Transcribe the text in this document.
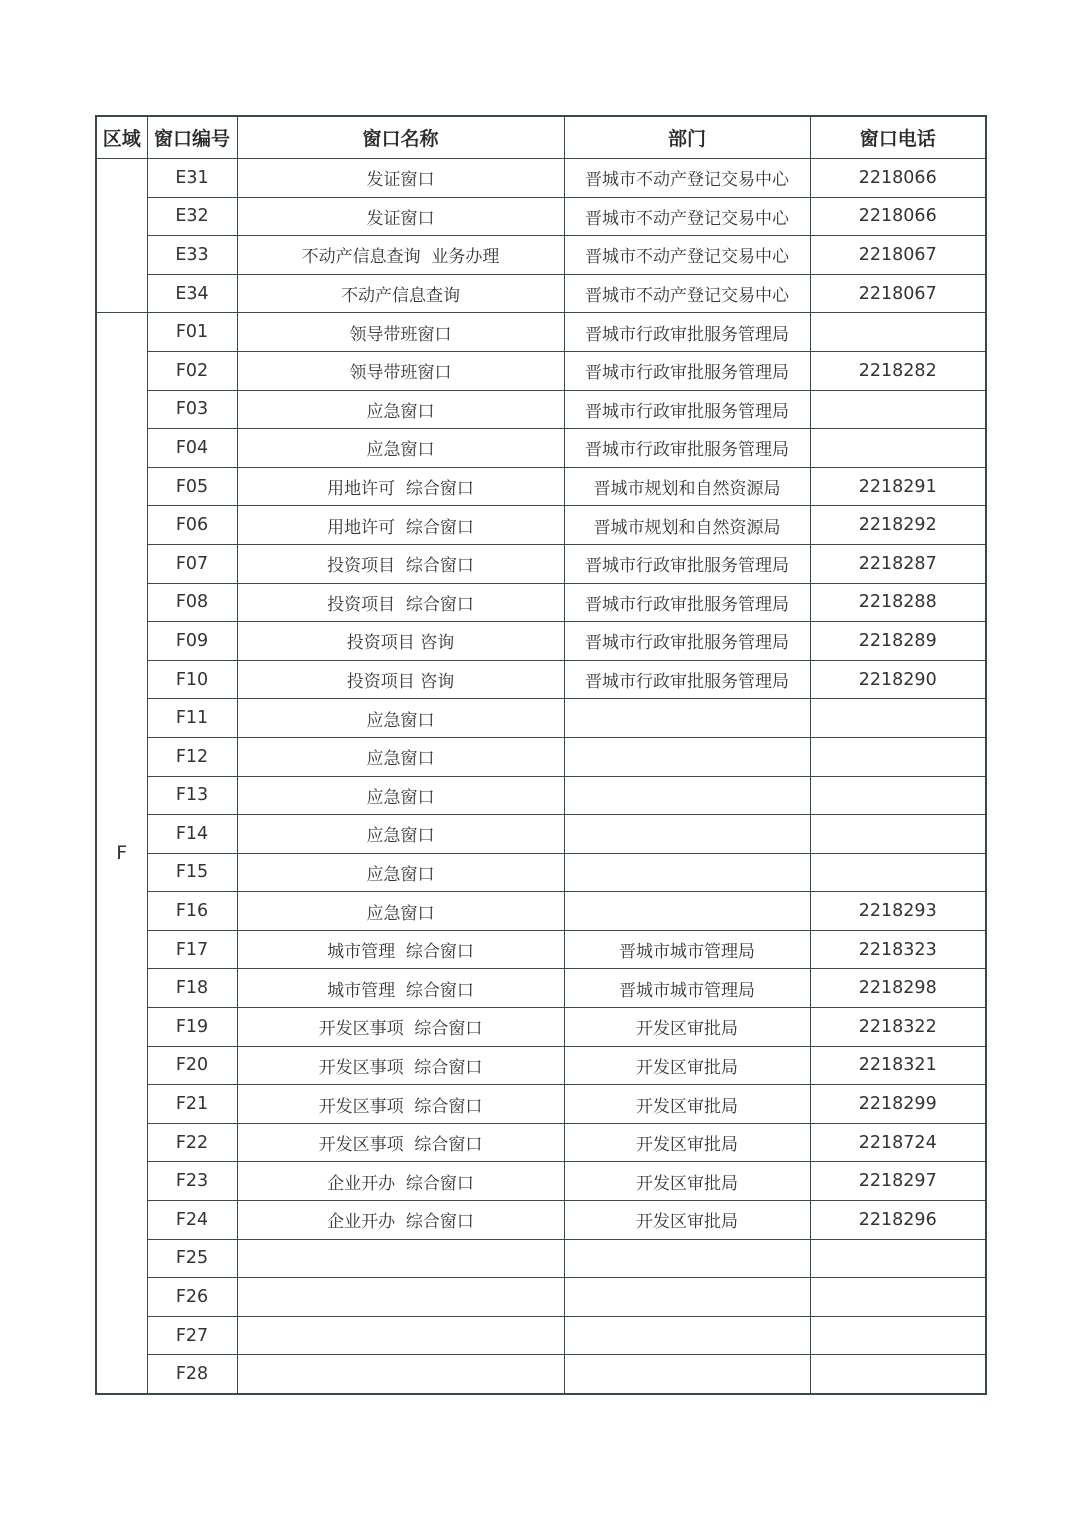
区域	窗口编号	窗口名称	部门	窗口电话
	E31	发证窗口	晋城市不动产登记交易中心	2218066
	E32	发证窗口	晋城市不动产登记交易中心	2218066
	E33	不动产信息查询  业务办理	晋城市不动产登记交易中心	2218067
	E34	不动产信息查询	晋城市不动产登记交易中心	2218067
F	F01	领导带班窗口	晋城市行政审批服务管理局	
	F02	领导带班窗口	晋城市行政审批服务管理局	2218282
	F03	应急窗口	晋城市行政审批服务管理局	
	F04	应急窗口	晋城市行政审批服务管理局	
	F05	用地许可  综合窗口	晋城市规划和自然资源局	2218291
	F06	用地许可  综合窗口	晋城市规划和自然资源局	2218292
	F07	投资项目  综合窗口	晋城市行政审批服务管理局	2218287
	F08	投资项目  综合窗口	晋城市行政审批服务管理局	2218288
	F09	投资项目 咨询	晋城市行政审批服务管理局	2218289
	F10	投资项目 咨询	晋城市行政审批服务管理局	2218290
	F11	应急窗口		
	F12	应急窗口		
	F13	应急窗口		
	F14	应急窗口		
	F15	应急窗口		
	F16	应急窗口		2218293
	F17	城市管理  综合窗口	晋城市城市管理局	2218323
	F18	城市管理  综合窗口	晋城市城市管理局	2218298
	F19	开发区事项  综合窗口	开发区审批局	2218322
	F20	开发区事项  综合窗口	开发区审批局	2218321
	F21	开发区事项  综合窗口	开发区审批局	2218299
	F22	开发区事项  综合窗口	开发区审批局	2218724
	F23	企业开办  综合窗口	开发区审批局	2218297
	F24	企业开办  综合窗口	开发区审批局	2218296
	F25			
	F26			
	F27			
	F28			
